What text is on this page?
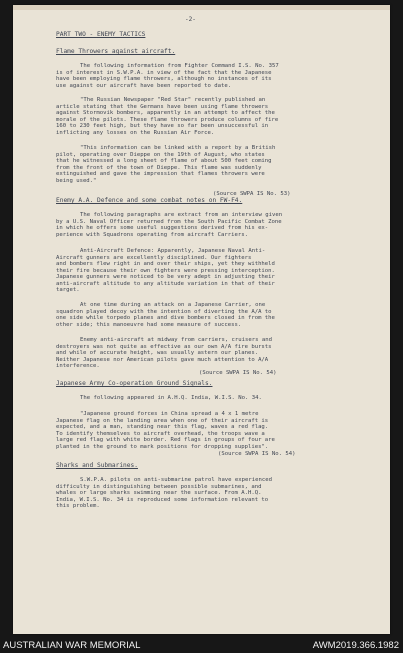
- 2 -
PART TWO - ENEMY TACTICS
Flame Throwers against aircraft.
The following information from Fighter Command I.S. No. 357
is of interest in S.W.P.A. in view of the fact that the Japanese
have been employing flame throwers, although no instances of its
use against our aircraft have been reported to date.
"The Russian Newspaper "Red Star" recently published an
article stating that the Germans have been using flame throwers
against Stormovik bombers, apparently in an attempt to affect the
morale of the pilots. These flame throwers produce columns of fire
160 to 230 feet high, but they have so far been unsuccessful in
inflicting any losses on the Russian Air Force.
"This information can be linked with a report by a British
pilot, operating over Dieppe on the 19th of August, who states
that he witnessed a long sheet of flame of about 500 feet coming
from the front of the town of Dieppe. This flame was suddenly
extinguished and gave the impression that flames throwers were
being used."
(Source SWPA IS No. 53)
Enemy A.A. Defence and some combat notes on FW-F4.
The following paragraphs are extract from an interview given
by a U.S. Naval Officer returned from the South Pacific Combat Zone
in which he offers some useful suggestions derived from his ex-
perience with Squadrons operating from aircraft Carriers.
Anti-Aircraft Defence: Apparently, Japanese Naval Anti-
Aircraft gunners are excellently disciplined. Our fighters
and bombers flew right in and over their ships, yet they withheld
their fire because their own fighters were pressing interception.
Japanese gunners were noticed to be very adept in adjusting their
anti-aircraft altitude to any altitude variation in that of their
target.
At one time during an attack on a Japanese Carrier, one
squadron played decoy with the intention of diverting the A/A to
one side while torpedo planes and dive bombers closed in from the
other side; this manoeuvre had some measure of success.
Enemy anti-aircraft at midway from carriers, cruisers and
destroyers was not quite as effective as our own A/A fire bursts
and while of accurate height, was usually astern our planes.
Neither Japanese nor American pilots gave much attention to A/A
interference.
(Source SWPA IS No. 54)
Japanese Army Co-operation Ground Signals.
The following appeared in A.H.Q. India, W.I.S. No. 34.
"Japanese ground forces in China spread a 4 x 1 metre
Japanese flag on the landing area when one of their aircraft is
expected, and a man, standing near this flag, waves a red flag.
To identify themselves to aircraft overhead, the troops wave a
large red flag with white border. Red flags in groups of four are
planted in the ground to mark positions for dropping supplies".
(Source SWPA IS No. 54)
Sharks and Submarines.
S.W.P.A. pilots on anti-submarine patrol have experienced
difficulty in distinguishing between possible submarines, and
whales or large sharks swimming near the surface. From A.H.Q.
India, W.I.S. No. 34 is reproduced some information relevant to
this problem.
AUSTRALIAN WAR MEMORIAL	AWM2019.366.1982
